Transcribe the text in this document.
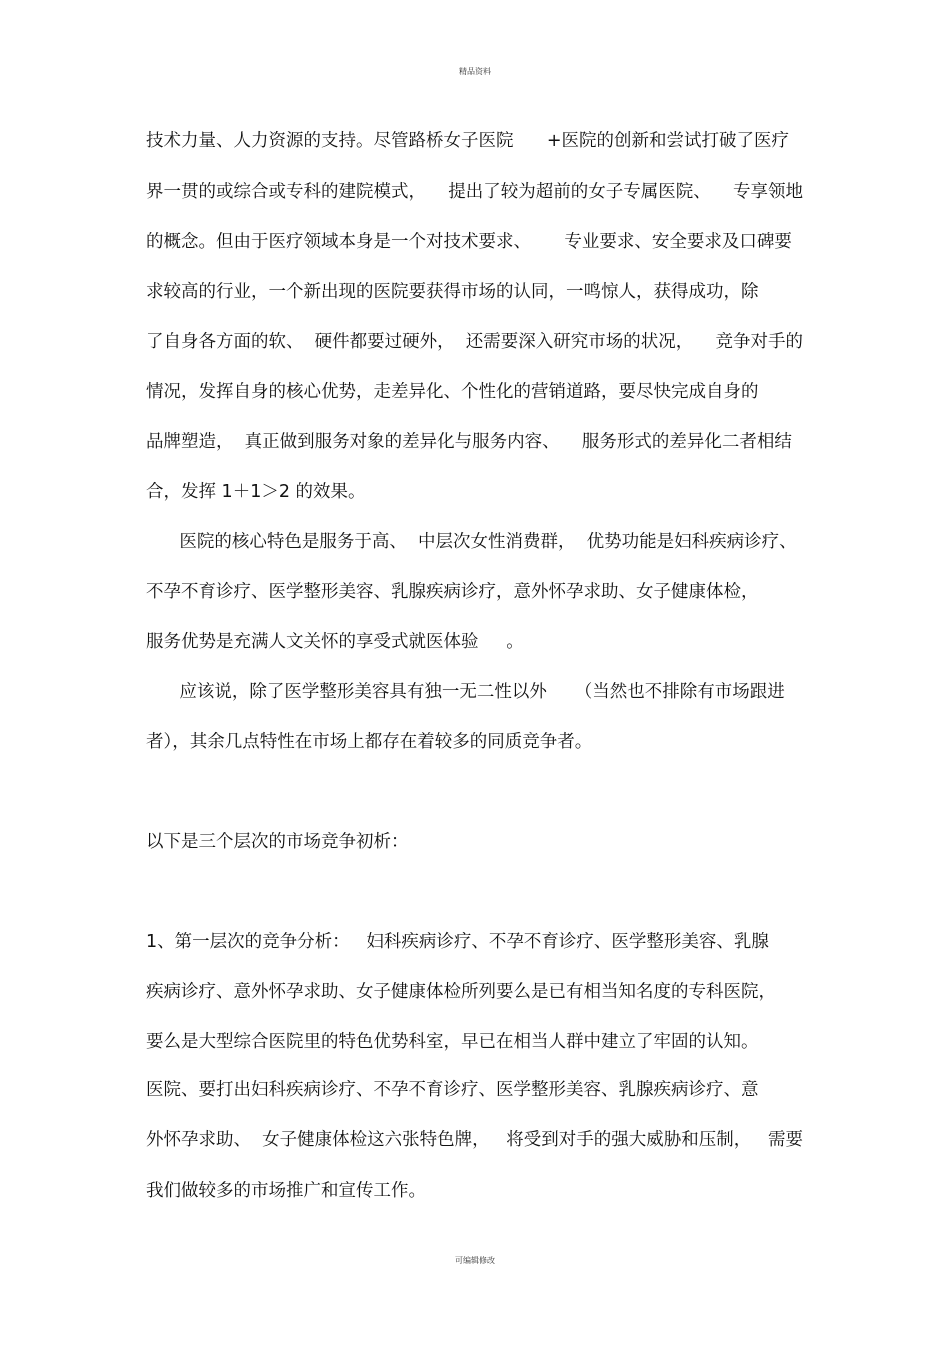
精品资料
技术力量、人力资源的支持。尽管路桥女子医院      +医院的创新和尝试打破了医疗
界一贯的或综合或专科的建院模式，    提出了较为超前的女子专属医院、    专享领地
的概念。但由于医疗领域本身是一个对技术要求、      专业要求、安全要求及口碑要
求较高的行业，一个新出现的医院要获得市场的认同，一鸣惊人，获得成功，除
了自身各方面的软、  硬件都要过硬外，  还需要深入研究市场的状况，    竞争对手的
情况，发挥自身的核心优势，走差异化、个性化的营销道路，要尽快完成自身的
品牌塑造，  真正做到服务对象的差异化与服务内容、    服务形式的差异化二者相结
合，发挥 1＋1＞2 的效果。
医院的核心特色是服务于高、  中层次女性消费群，  优势功能是妇科疾病诊疗、
不孕不育诊疗、医学整形美容、乳腺疾病诊疗，意外怀孕求助、女子健康体检，
服务优势是充满人文关怀的享受式就医体验     。
应该说，除了医学整形美容具有独一无二性以外     （当然也不排除有市场跟进
者），其余几点特性在市场上都存在着较多的同质竞争者。
以下是三个层次的市场竞争初析：
1、第一层次的竞争分析：   妇科疾病诊疗、不孕不育诊疗、医学整形美容、乳腺
疾病诊疗、意外怀孕求助、女子健康体检所列要么是已有相当知名度的专科医院，
要么是大型综合医院里的特色优势科室，早已在相当人群中建立了牢固的认知。
医院、要打出妇科疾病诊疗、不孕不育诊疗、医学整形美容、乳腺疾病诊疗、意
外怀孕求助、  女子健康体检这六张特色牌，   将受到对手的强大威胁和压制，   需要
我们做较多的市场推广和宣传工作。
可编辑修改
